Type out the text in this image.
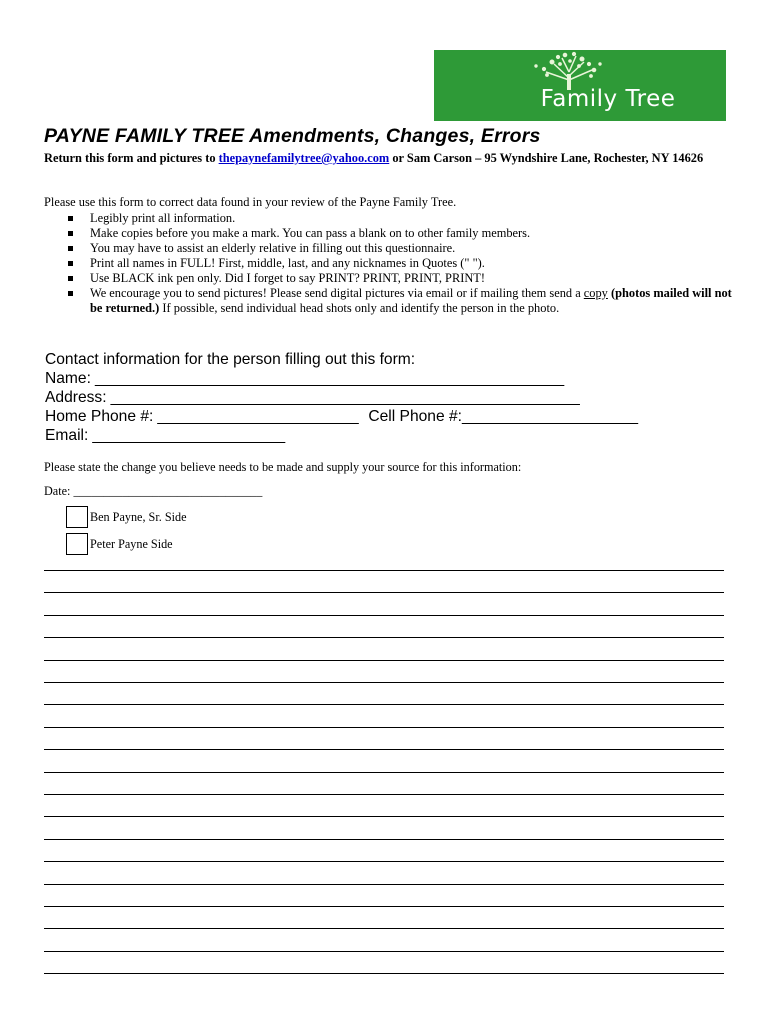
Family Tree
PAYNE FAMILY TREE Amendments, Changes, Errors
Return this form and pictures to thepaynefamilytree@yahoo.com or Sam Carson – 95 Wyndshire Lane, Rochester, NY 14626
Please use this form to correct data found in your review of the Payne Family Tree.
Legibly print all information.
Make copies before you make a mark. You can pass a blank on to other family members.
You may have to assist an elderly relative in filling out this questionnaire.
Print all names in FULL! First, middle, last, and any nicknames in Quotes (" ").
Use BLACK ink pen only. Did I forget to say PRINT? PRINT, PRINT, PRINT!
We encourage you to send pictures! Please send digital pictures via email or if mailing them send a copy (photos mailed will not be returned.) If possible, send individual head shots only and identify the person in the photo.
Contact information for the person filling out this form:
Name: ________________________________________________________
Address: ________________________________________________________
Home Phone #: ________________________ Cell Phone #:_____________________
Email: _______________________
Please state the change you believe needs to be made and supply your source for this information:
Date: _______________________________
Ben Payne, Sr. Side
Peter Payne Side
